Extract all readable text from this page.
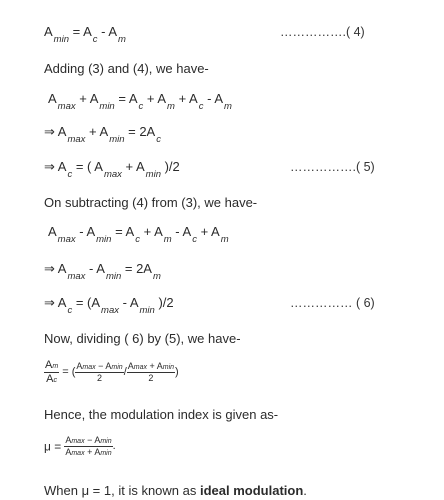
$A_{min} = A_c - A_m$
…………….( 4)
Adding (3) and (4), we have-
$A_{max} + A_{min} = A_c + A_m + A_c - A_m$
⇒ $A_{max} + A_{min} = 2A_c$
⇒ $A_c$ = ( $A_{max} + A_{min}$ )/2	…………….( 5)
On subtracting (4) from (3), we have-
$A_{max} - A_{min} = A_c + A_m - A_c + A_m$
⇒ $A_{max} - A_{min} = 2A_m$
⇒ $A_c = (A_{max} - A_{min}$ )/2	…………… ( 6)
Now, dividing ( 6) by (5), we have-
$\frac{Am}{Ac}$ = ( $\frac{Amax - Amin}{2} / \frac{Amax + Amin}{2}$ )
Hence, the modulation index is given as-
$\mu = \frac{Amax - Amin}{Amax + Amin}$ .
When μ = 1, it is known as ideal modulation.
